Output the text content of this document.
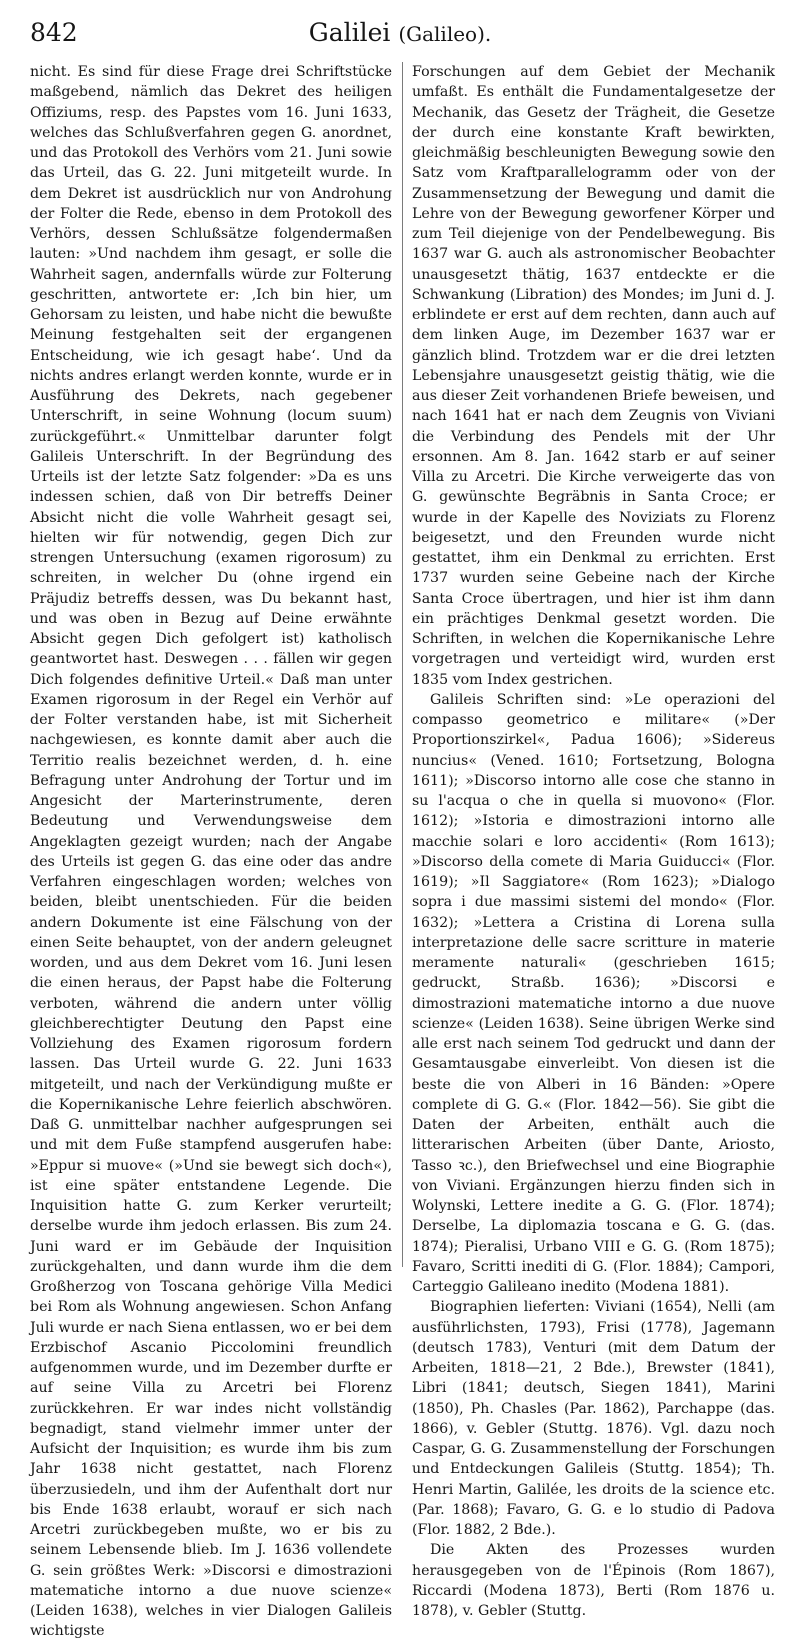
842	Galilei (Galileo).

nicht. Es sind für diese Frage drei Schriftstücke maßgebend, nämlich das Dekret des heiligen Offiziums, resp. des Papstes vom 16. Juni 1633, welches das Schlußverfahren gegen G. anordnet, und das Protokoll des Verhörs vom 21. Juni sowie das Urteil, das G. 22. Juni mitgeteilt wurde. In dem Dekret ist ausdrücklich nur von Androhung der Folter die Rede, ebenso in dem Protokoll des Verhörs, dessen Schlußsätze folgendermaßen lauten: »Und nachdem ihm gesagt, er solle die Wahrheit sagen, andernfalls würde zur Folterung geschritten, antwortete er: ‚Ich bin hier, um Gehorsam zu leisten, und habe nicht die bewußte Meinung festgehalten seit der ergangenen Entscheidung, wie ich gesagt habe‘. Und da nichts andres erlangt werden konnte, wurde er in Ausführung des Dekrets, nach gegebener Unterschrift, in seine Wohnung (locum suum) zurückgeführt.« Unmittelbar darunter folgt Galileis Unterschrift. In der Begründung des Urteils ist der letzte Satz folgender: »Da es uns indessen schien, daß von Dir betreffs Deiner Absicht nicht die volle Wahrheit gesagt sei, hielten wir für notwendig, gegen Dich zur strengen Untersuchung (examen rigorosum) zu schreiten, in welcher Du (ohne irgend ein Präjudiz betreffs dessen, was Du bekannt hast, und was oben in Bezug auf Deine erwähnte Absicht gegen Dich gefolgert ist) katholisch geantwortet hast. Deswegen . . . fällen wir gegen Dich folgendes definitive Urteil.« Daß man unter Examen rigorosum in der Regel ein Verhör auf der Folter verstanden habe, ist mit Sicherheit nachgewiesen, es konnte damit aber auch die Territio realis bezeichnet werden, d. h. eine Befragung unter Androhung der Tortur und im Angesicht der Marterinstrumente, deren Bedeutung und Verwendungsweise dem Angeklagten gezeigt wurden; nach der Angabe des Urteils ist gegen G. das eine oder das andre Verfahren eingeschlagen worden; welches von beiden, bleibt unentschieden. Für die beiden andern Dokumente ist eine Fälschung von der einen Seite behauptet, von der andern geleugnet worden, und aus dem Dekret vom 16. Juni lesen die einen heraus, der Papst habe die Folterung verboten, während die andern unter völlig gleichberechtigter Deutung den Papst eine Vollziehung des Examen rigorosum fordern lassen. Das Urteil wurde G. 22. Juni 1633 mitgeteilt, und nach der Verkündigung mußte er die Kopernikanische Lehre feierlich abschwören. Daß G. unmittelbar nachher aufgesprungen sei und mit dem Fuße stampfend ausgerufen habe: »Eppur si muove« (»Und sie bewegt sich doch«), ist eine später entstandene Legende. Die Inquisition hatte G. zum Kerker verurteilt; derselbe wurde ihm jedoch erlassen. Bis zum 24. Juni ward er im Gebäude der Inquisition zurückgehalten, und dann wurde ihm die dem Großherzog von Toscana gehörige Villa Medici bei Rom als Wohnung angewiesen. Schon Anfang Juli wurde er nach Siena entlassen, wo er bei dem Erzbischof Ascanio Piccolomini freundlich aufgenommen wurde, und im Dezember durfte er auf seine Villa zu Arcetri bei Florenz zurückkehren. Er war indes nicht vollständig begnadigt, stand vielmehr immer unter der Aufsicht der Inquisition; es wurde ihm bis zum Jahr 1638 nicht gestattet, nach Florenz überzusiedeln, und ihm der Aufenthalt dort nur bis Ende 1638 erlaubt, worauf er sich nach Arcetri zurückbegeben mußte, wo er bis zu seinem Lebensende blieb. Im J. 1636 vollendete G. sein größtes Werk: »Discorsi e dimostrazioni matematiche intorno a due nuove scienze« (Leiden 1638), welches in vier Dialogen Galileis wichtigste

Forschungen auf dem Gebiet der Mechanik umfaßt. Es enthält die Fundamentalgesetze der Mechanik, das Gesetz der Trägheit, die Gesetze der durch eine konstante Kraft bewirkten, gleichmäßig beschleunigten Bewegung sowie den Satz vom Kraftparallelogramm oder von der Zusammensetzung der Bewegung und damit die Lehre von der Bewegung geworfener Körper und zum Teil diejenige von der Pendelbewegung. Bis 1637 war G. auch als astronomischer Beobachter unausgesetzt thätig, 1637 entdeckte er die Schwankung (Libration) des Mondes; im Juni d. J. erblindete er erst auf dem rechten, dann auch auf dem linken Auge, im Dezember 1637 war er gänzlich blind. Trotzdem war er die drei letzten Lebensjahre unausgesetzt geistig thätig, wie die aus dieser Zeit vorhandenen Briefe beweisen, und nach 1641 hat er nach dem Zeugnis von Viviani die Verbindung des Pendels mit der Uhr ersonnen. Am 8. Jan. 1642 starb er auf seiner Villa zu Arcetri. Die Kirche verweigerte das von G. gewünschte Begräbnis in Santa Croce; er wurde in der Kapelle des Noviziats zu Florenz beigesetzt, und den Freunden wurde nicht gestattet, ihm ein Denkmal zu errichten. Erst 1737 wurden seine Gebeine nach der Kirche Santa Croce übertragen, und hier ist ihm dann ein prächtiges Denkmal gesetzt worden. Die Schriften, in welchen die Kopernikanische Lehre vorgetragen und verteidigt wird, wurden erst 1835 vom Index gestrichen.

Galileis Schriften sind: »Le operazioni del compasso geometrico e militare« (»Der Proportionszirkel«, Padua 1606); »Sidereus nuncius« (Vened. 1610; Fortsetzung, Bologna 1611); »Discorso intorno alle cose che stanno in su l'acqua o che in quella si muovono« (Flor. 1612); »Istoria e dimostrazioni intorno alle macchie solari e loro accidenti« (Rom 1613); »Discorso della comete di Maria Guiducci« (Flor. 1619); »Il Saggiatore« (Rom 1623); »Dialogo sopra i due massimi sistemi del mondo« (Flor. 1632); »Lettera a Cristina di Lorena sulla interpretazione delle sacre scritture in materie meramente naturali« (geschrieben 1615; gedruckt, Straßb. 1636); »Discorsi e dimostrazioni matematiche intorno a due nuove scienze« (Leiden 1638). Seine übrigen Werke sind alle erst nach seinem Tod gedruckt und dann der Gesamtausgabe einverleibt. Von diesen ist die beste die von Alberi in 16 Bänden: »Opere complete di G. G.« (Flor. 1842—56). Sie gibt die Daten der Arbeiten, enthält auch die litterarischen Arbeiten (über Dante, Ariosto, Tasso ꝛc.), den Briefwechsel und eine Biographie von Viviani. Ergänzungen hierzu finden sich in Wolynski, Lettere inedite a G. G. (Flor. 1874); Derselbe, La diplomazia toscana e G. G. (das. 1874); Pieralisi, Urbano VIII e G. G. (Rom 1875); Favaro, Scritti inediti di G. (Flor. 1884); Campori, Carteggio Galileano inedito (Modena 1881).

Biographien lieferten: Viviani (1654), Nelli (am ausführlichsten, 1793), Frisi (1778), Jagemann (deutsch 1783), Venturi (mit dem Datum der Arbeiten, 1818—21, 2 Bde.), Brewster (1841), Libri (1841; deutsch, Siegen 1841), Marini (1850), Ph. Chasles (Par. 1862), Parchappe (das. 1866), v. Gebler (Stuttg. 1876). Vgl. dazu noch Caspar, G. G. Zusammenstellung der Forschungen und Entdeckungen Galileis (Stuttg. 1854); Th. Henri Martin, Galilée, les droits de la science etc. (Par. 1868); Favaro, G. G. e lo studio di Padova (Flor. 1882, 2 Bde.).

Die Akten des Prozesses wurden herausgegeben von de l'Épinois (Rom 1867), Riccardi (Modena 1873), Berti (Rom 1876 u. 1878), v. Gebler (Stuttg.
